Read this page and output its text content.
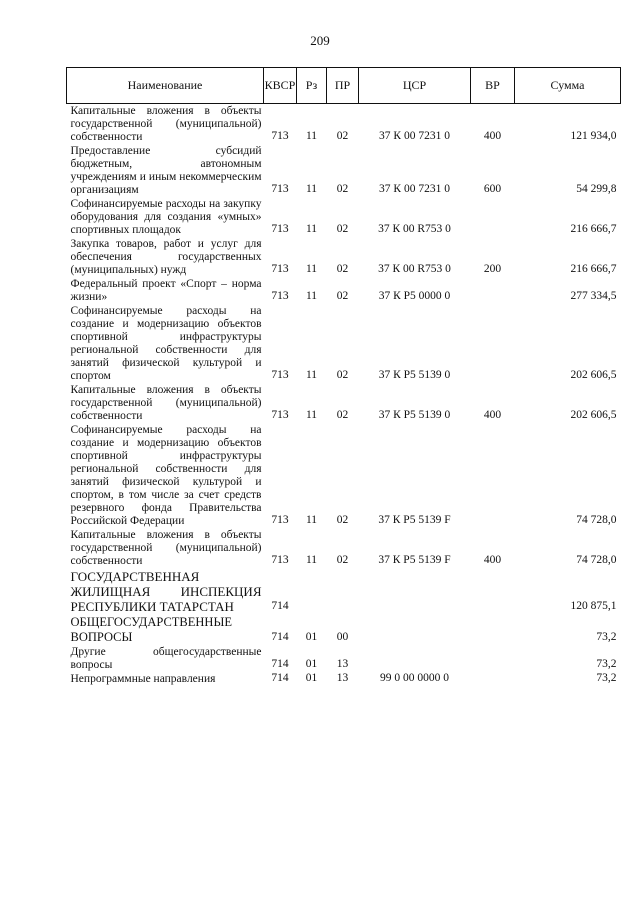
209
Наименование	КВСР	Рз	ПР	ЦСР	ВР	Сумма
Капитальные вложения в объекты государственной (муниципальной) собственности	713	11	02	37 К 00 7231 0	400	121 934,0
Предоставление субсидий бюджетным, автономным учреждениям и иным некоммерческим организациям	713	11	02	37 К 00 7231 0	600	54 299,8
Софинансируемые расходы на закупку оборудования для создания «умных» спортивных площадок	713	11	02	37 К 00 R753 0		216 666,7
Закупка товаров, работ и услуг для обеспечения государственных (муниципальных) нужд	713	11	02	37 К 00 R753 0	200	216 666,7
Федеральный проект «Спорт – норма жизни»	713	11	02	37 К Р5 0000 0		277 334,5
Софинансируемые расходы на создание и модернизацию объектов спортивной инфраструктуры региональной собственности для занятий физической культурой и спортом	713	11	02	37 К Р5 5139 0		202 606,5
Капитальные вложения в объекты государственной (муниципальной) собственности	713	11	02	37 К Р5 5139 0	400	202 606,5
Софинансируемые расходы на создание и модернизацию объектов спортивной инфраструктуры региональной собственности для занятий физической культурой и спортом, в том числе за счет средств резервного фонда Правительства Российской Федерации	713	11	02	37 К Р5 5139 F		74 728,0
Капитальные вложения в объекты государственной (муниципальной) собственности	713	11	02	37 К Р5 5139 F	400	74 728,0
ГОСУДАРСТВЕННАЯ ЖИЛИЩНАЯ ИНСПЕКЦИЯ РЕСПУБЛИКИ ТАТАРСТАН	714					120 875,1
ОБЩЕГОСУДАРСТВЕННЫЕ ВОПРОСЫ	714	01	00			73,2
Другие общегосударственные вопросы	714	01	13			73,2
Непрограммные направления	714	01	13	99 0 00 0000 0		73,2
